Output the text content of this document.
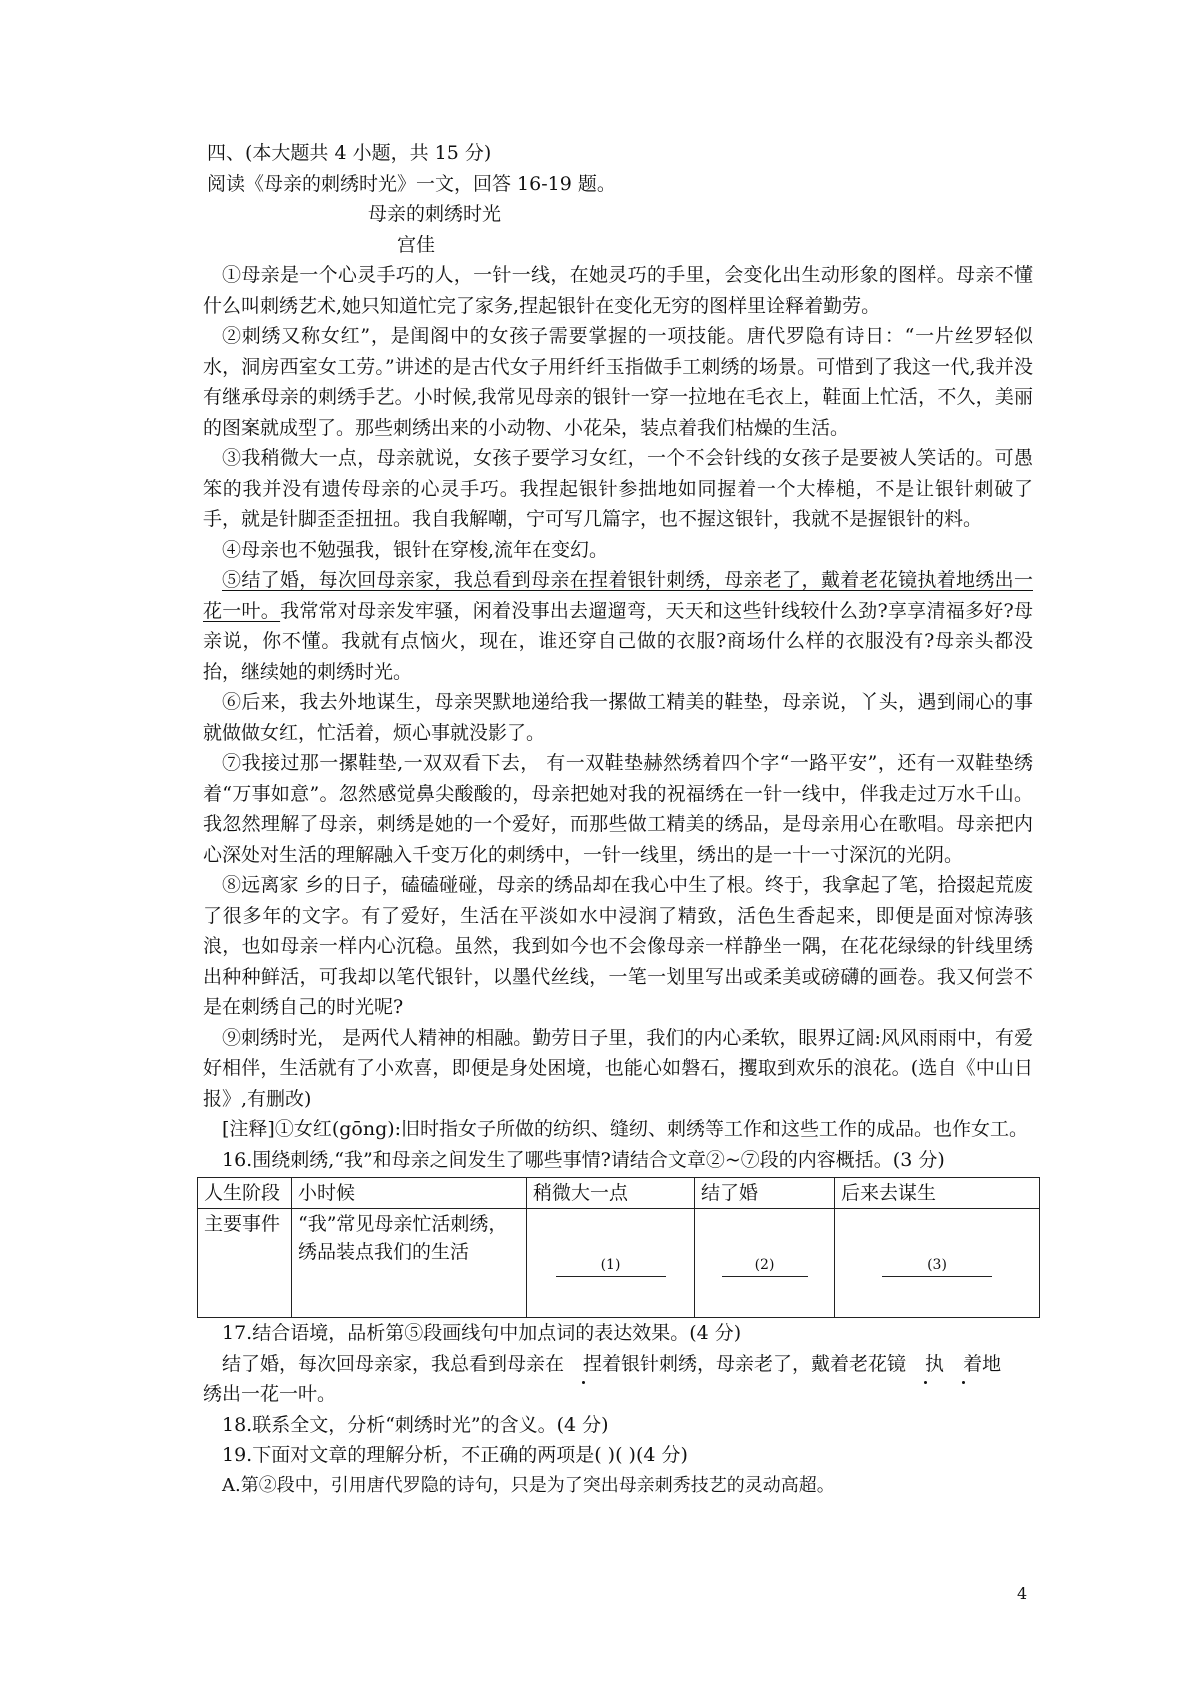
四、(本大题共 4 小题，共 15 分)
阅读《母亲的刺绣时光》一文，回答 16-19 题。
母亲的刺绣时光
宫佳
①母亲是一个心灵手巧的人，一针一线，在她灵巧的手里，会变化出生动形象的图样。母亲不懂什么叫刺绣艺术,她只知道忙完了家务,捏起银针在变化无穷的图样里诠释着勤劳。
②刺绣又称女红”，是闺阁中的女孩子需要掌握的一项技能。唐代罗隐有诗日：“一片丝罗轻似水，洞房西室女工劳。”讲述的是古代女子用纤纤玉指做手工刺绣的场景。可惜到了我这一代,我并没有继承母亲的刺绣手艺。小时候,我常见母亲的银针一穿一拉地在毛衣上，鞋面上忙活，不久，美丽的图案就成型了。那些刺绣出来的小动物、小花朵，装点着我们枯燥的生活。
③我稍微大一点，母亲就说，女孩子要学习女红，一个不会针线的女孩子是要被人笑话的。可愚笨的我并没有遗传母亲的心灵手巧。我捏起银针参拙地如同握着一个大棒槌，不是让银针刺破了手，就是针脚歪歪扭扭。我自我解嘲，宁可写几篇字，也不握这银针，我就不是握银针的料。
④母亲也不勉强我，银针在穿梭,流年在变幻。
⑤结了婚，每次回母亲家，我总看到母亲在捏着银针刺绣，母亲老了，戴着老花镜执着地绣出一花一叶。我常常对母亲发牢骚，闲着没事出去遛遛弯，天天和这些针线较什么劲?享享清福多好?母亲说，你不懂。我就有点恼火，现在，谁还穿自己做的衣服?商场什么样的衣服没有?母亲头都没抬，继续她的刺绣时光。
⑥后来，我去外地谋生，母亲哭默地递给我一摞做工精美的鞋垫，母亲说，丫头，遇到闹心的事就做做女红，忙活着，烦心事就没影了。
⑦我接过那一摞鞋垫,一双双看下去， 有一双鞋垫赫然绣着四个字“一路平安”，还有一双鞋垫绣着“万事如意”。忽然感觉鼻尖酸酸的，母亲把她对我的祝福绣在一针一线中，伴我走过万水千山。我忽然理解了母亲，刺绣是她的一个爱好，而那些做工精美的绣品，是母亲用心在歌唱。母亲把内心深处对生活的理解融入千变万化的刺绣中，一针一线里，绣出的是一十一寸深沉的光阴。
⑧远离家 乡的日子，磕磕碰碰，母亲的绣品却在我心中生了根。终于，我拿起了笔，拾掇起荒废了很多年的文字。有了爱好，生活在平淡如水中浸润了精致，活色生香起来，即便是面对惊涛骇浪，也如母亲一样内心沉稳。虽然，我到如今也不会像母亲一样静坐一隅，在花花绿绿的针线里绣出种种鲜活，可我却以笔代银针，以墨代丝线，一笔一划里写出或柔美或磅礴的画卷。我又何尝不是在刺绣自己的时光呢?
⑨刺绣时光， 是两代人精神的相融。勤劳日子里，我们的内心柔软，眼界辽阔:风风雨雨中，有爱好相伴，生活就有了小欢喜，即便是身处困境，也能心如磐石，攫取到欢乐的浪花。(选自《中山日报》,有删改)
[注释]①女红(gōng):旧时指女子所做的纺织、缝纫、刺绣等工作和这些工作的成品。也作女工。
16.围绕刺绣,“我”和母亲之间发生了哪些事情?请结合文章②~⑦段的内容概括。(3 分)
人生阶段	小时候	稍微大一点	结了婚	后来去谋生
主要事件	“我”常见母亲忙活刺绣，绣品装点我们的生活	(1)	(2)	(3)
17.结合语境，品析第⑤段画线句中加点词的表达效果。(4 分)
结了婚，每次回母亲家，我总看到母亲在 捏着银针刺绣，母亲老了，戴着老花镜 执 着地
绣出一花一叶。
18.联系全文，分析“刺绣时光”的含义。(4 分)
19.下面对文章的理解分析，不正确的两项是( )( )(4 分)
A.第②段中，引用唐代罗隐的诗句，只是为了突出母亲刺秀技艺的灵动高超。
4
